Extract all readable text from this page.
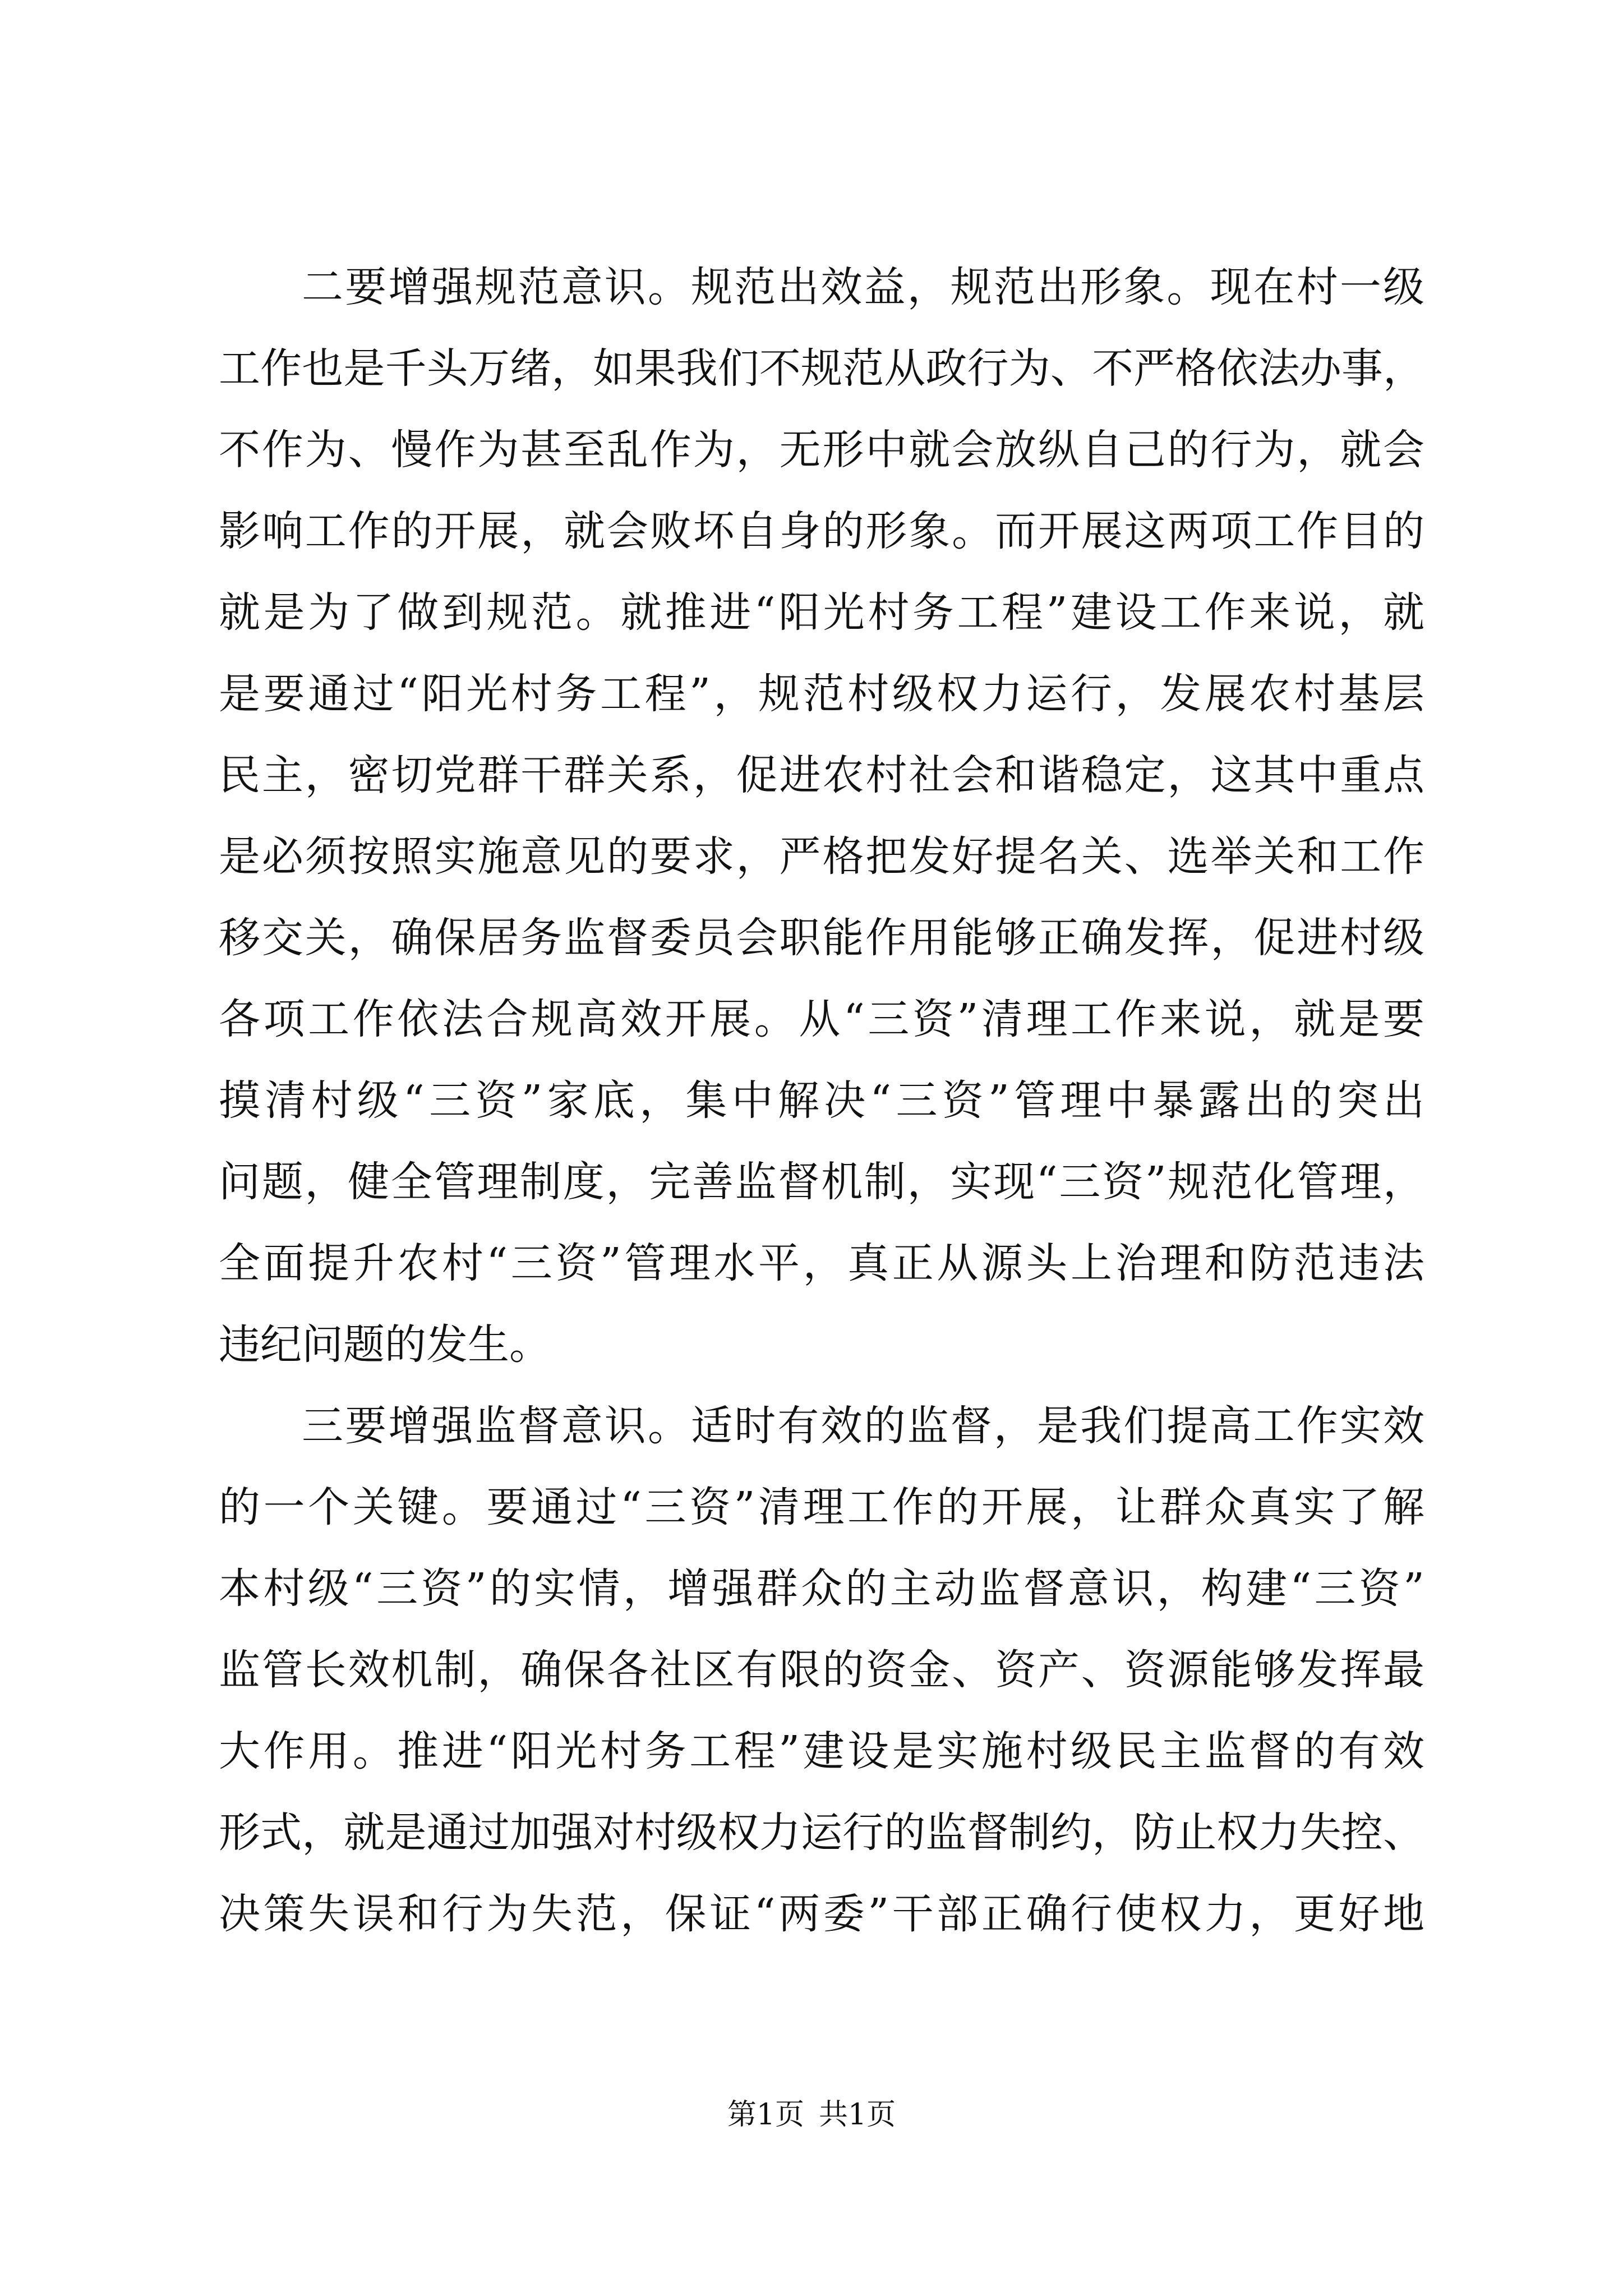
二要增强规范意识。规范出效益，规范出形象。现在村一级
工作也是千头万绪，如果我们不规范从政行为、不严格依法办事，
不作为、慢作为甚至乱作为，无形中就会放纵自己的行为，就会
影响工作的开展，就会败坏自身的形象。而开展这两项工作目的
就是为了做到规范。就推进“阳光村务工程”建设工作来说，就
是要通过“阳光村务工程”，规范村级权力运行，发展农村基层
民主，密切党群干群关系，促进农村社会和谐稳定，这其中重点
是必须按照实施意见的要求，严格把发好提名关、选举关和工作
移交关，确保居务监督委员会职能作用能够正确发挥，促进村级
各项工作依法合规高效开展。从“三资”清理工作来说，就是要
摸清村级“三资”家底，集中解决“三资”管理中暴露出的突出
问题，健全管理制度，完善监督机制，实现“三资”规范化管理，
全面提升农村“三资”管理水平，真正从源头上治理和防范违法
违纪问题的发生。
三要增强监督意识。适时有效的监督，是我们提高工作实效
的一个关键。要通过“三资”清理工作的开展，让群众真实了解
本村级“三资”的实情，增强群众的主动监督意识，构建“三资”
监管长效机制，确保各社区有限的资金、资产、资源能够发挥最
大作用。推进“阳光村务工程”建设是实施村级民主监督的有效
形式，就是通过加强对村级权力运行的监督制约，防止权力失控、
决策失误和行为失范，保证“两委”干部正确行使权力，更好地
第1页 共1页
